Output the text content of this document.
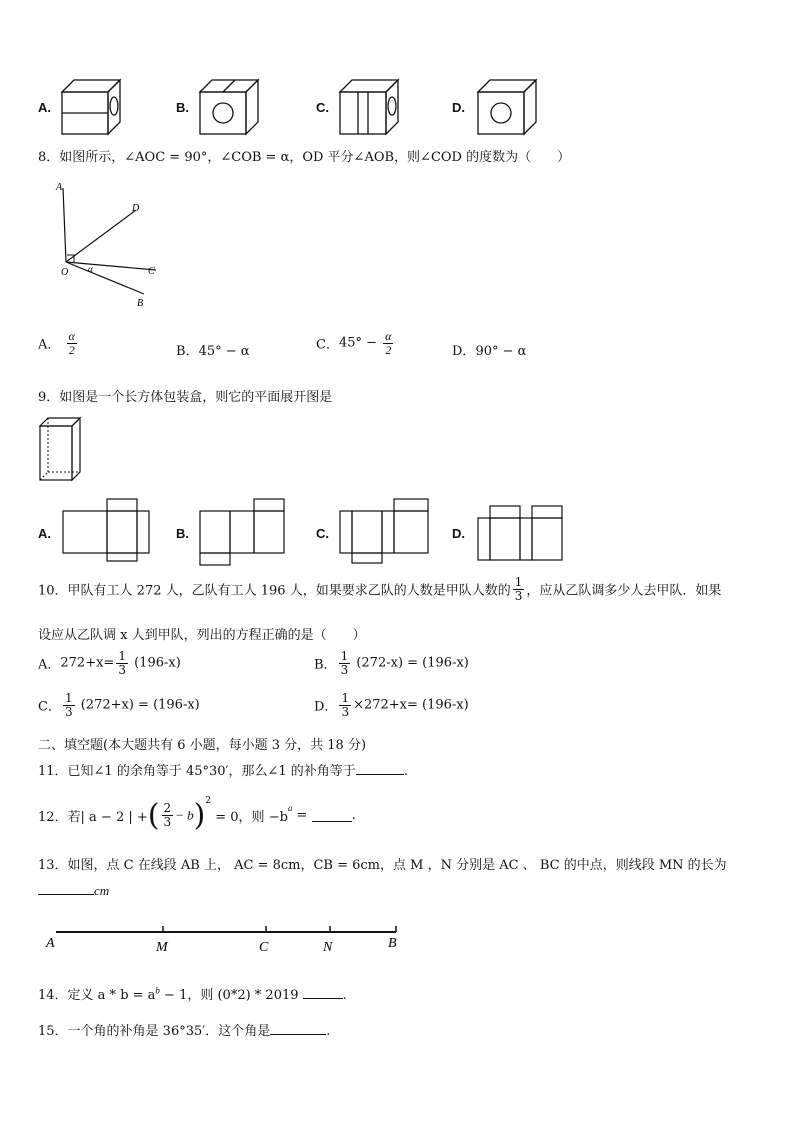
A.	B.	C.	D.
8．如图所示，∠AOC = 90°，∠COB = α，OD 平分∠AOB，则∠COD 的度数为（　　）
A
D
O α	C
B
A． $\frac{\alpha}{2}$	B．45° − α	C．$45^\circ - \frac{\alpha}{2}$	D．90° − α
9．如图是一个长方体包装盒，则它的平面展开图是
A.	B.	C.	D.
10．甲队有工人 272 人，乙队有工人 196 人，如果要求乙队的人数是甲队人数的 $\frac{1}{3}$ ，应从乙队调多少人去甲队．如果
设应从乙队调 x 人到甲队，列出的方程正确的是（　　）
A．$272+x= \frac{1}{3} (196-x)$	B． $\frac{1}{3} (272-x) = (196-x)$
C． $\frac{1}{3} (272+x) = (196-x)$	D． $\frac{1}{3} \times 272+x= (196-x)$
二、填空题(本大题共有 6 小题，每小题 3 分，共 18 分)
11．已知∠1 的余角等于 45°30′，那么∠1 的补角等于	.
12．若| a − 2 | +( $\frac{2}{3} - b)^2 = 0$，则 $-b^a$ =	.
13．如图，点 C 在线段 AB 上， AC = 8cm，CB = 6cm，点 M ，N 分别是 AC 、 BC 的中点，则线段 MN 的长为
cm
A	M	C	N	B
14．定义 $a * b = a^b - 1$，则 (0*2) * 2019	.
15．一个角的补角是 36°35′．这个角是	.
